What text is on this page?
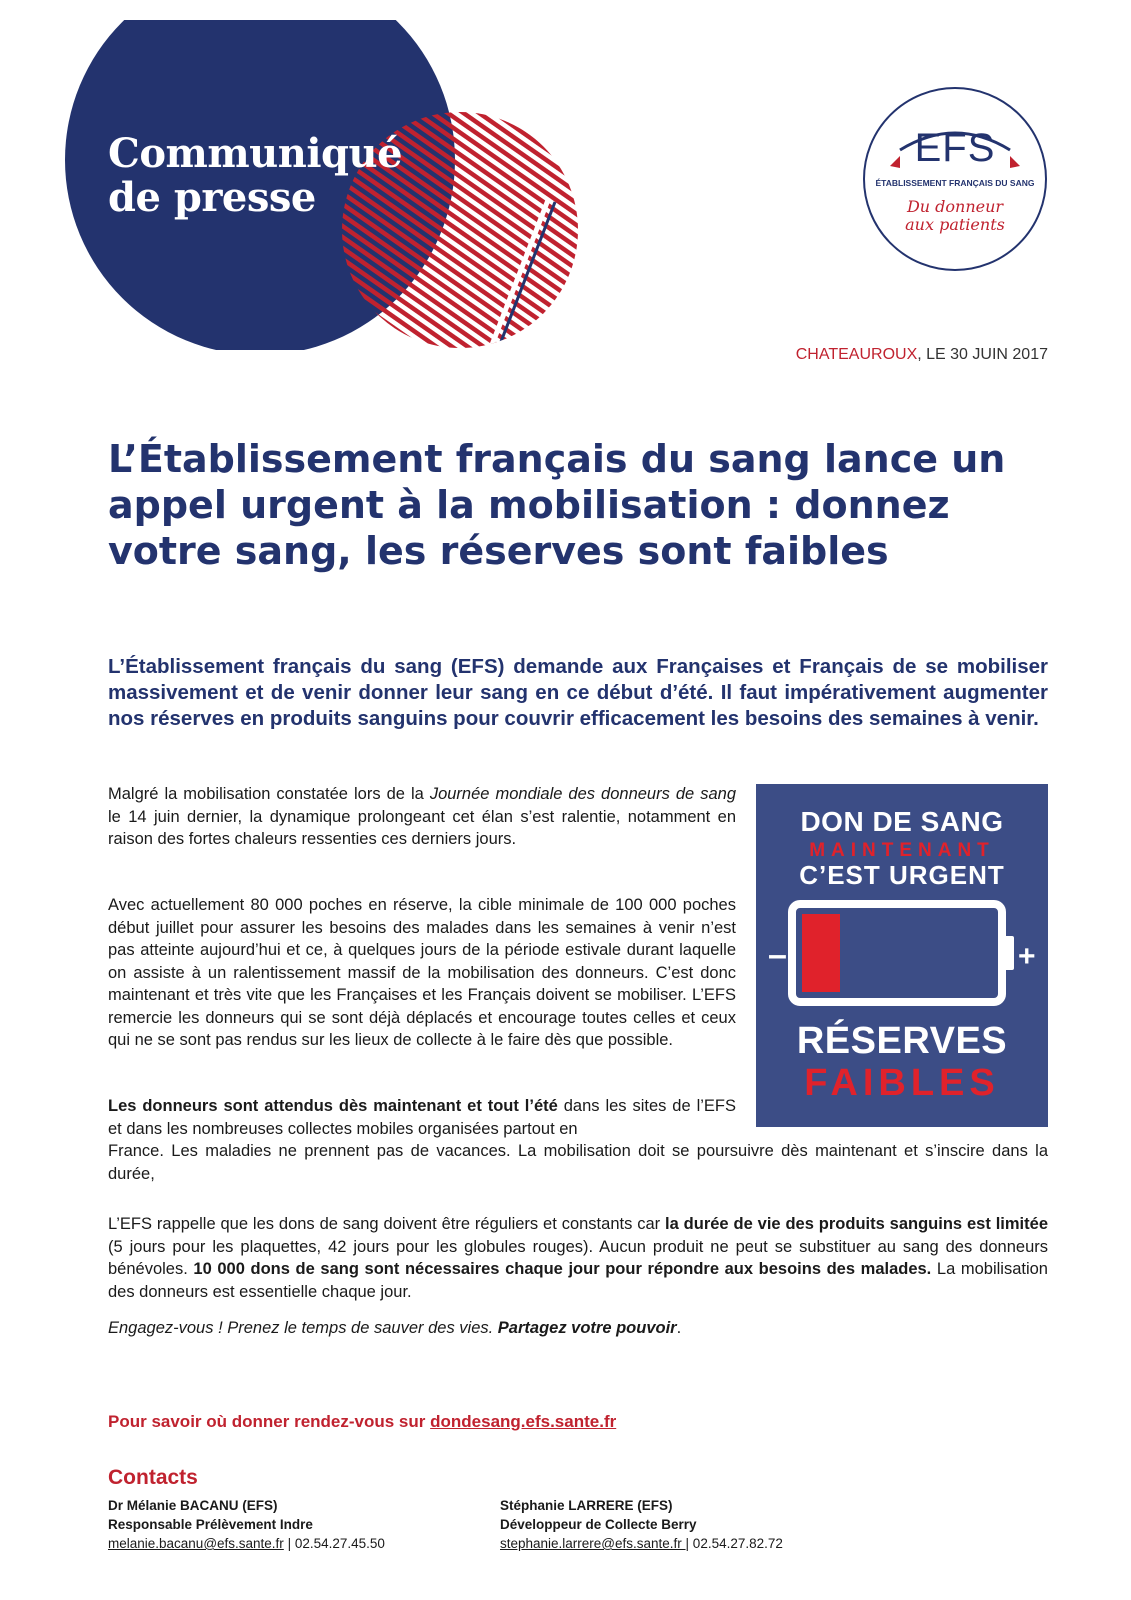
Communiqué
de presse
EFS
ÉTABLISSEMENT FRANÇAIS DU SANG
Du donneur
aux patients
CHATEAUROUX, LE 30 JUIN 2017
L’Établissement français du sang lance un appel urgent à la mobilisation : donnez votre sang, les réserves sont faibles

L’Établissement français du sang (EFS) demande aux Françaises et Français de se mobiliser massivement et de venir donner leur sang en ce début d’été. Il faut impérativement augmenter nos réserves en produits sanguins pour couvrir efficacement les besoins des semaines à venir.

Malgré la mobilisation constatée lors de la Journée mondiale des donneurs de sang le 14 juin dernier, la dynamique prolongeant cet élan s’est ralentie, notamment en raison des fortes chaleurs ressenties ces derniers jours.

Avec actuellement 80 000 poches en réserve, la cible minimale de 100 000 poches début juillet pour assurer les besoins des malades dans les semaines à venir n’est pas atteinte aujourd’hui et ce, à quelques jours de la période estivale durant laquelle on assiste à un ralentissement massif de la mobilisation des donneurs. C’est donc maintenant et très vite que les Françaises et les Français doivent se mobiliser. L’EFS remercie les donneurs qui se sont déjà déplacés et encourage toutes celles et ceux qui ne se sont pas rendus sur les lieux de collecte à le faire dès que possible.

Les donneurs sont attendus dès maintenant et tout l’été dans les sites de l’EFS et dans les nombreuses collectes mobiles organisées partout en
France. Les maladies ne prennent pas de vacances. La mobilisation doit se poursuivre dès maintenant et s’inscire dans la durée,

L’EFS rappelle que les dons de sang doivent être réguliers et constants car la durée de vie des produits sanguins est limitée (5 jours pour les plaquettes, 42 jours pour les globules rouges). Aucun produit ne peut se substituer au sang des donneurs bénévoles. 10 000 dons de sang sont nécessaires chaque jour pour répondre aux besoins des malades. La mobilisation des donneurs est essentielle chaque jour.

Engagez-vous ! Prenez le temps de sauver des vies. Partagez votre pouvoir.

DON DE SANG
MAINTENANT
C’EST URGENT
–	+
RÉSERVES
FAIBLES
Pour savoir où donner rendez-vous sur dondesang.efs.sante.fr
Contacts
Dr Mélanie BACANU (EFS)
Responsable Prélèvement Indre
melanie.bacanu@efs.sante.fr | 02.54.27.45.50
Stéphanie LARRERE (EFS)
Développeur de Collecte Berry
stephanie.larrere@efs.sante.fr | 02.54.27.82.72
